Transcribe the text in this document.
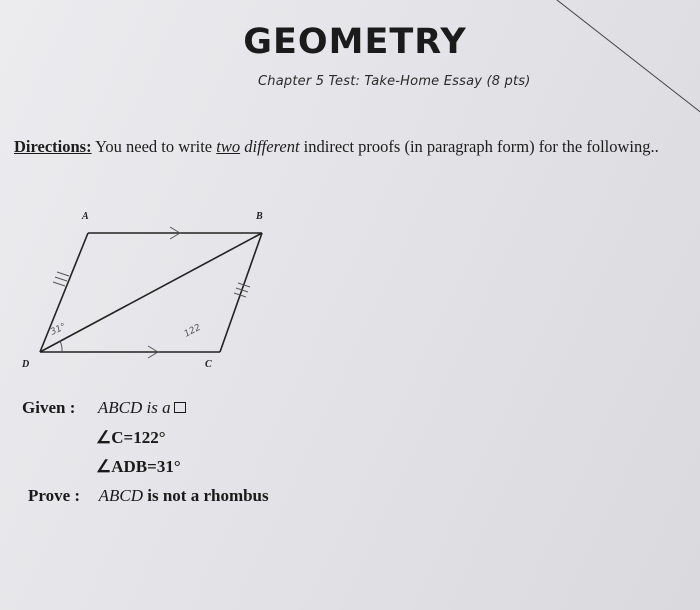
GEOMETRY
Chapter 5 Test: Take-Home Essay (8 pts)
Directions: You need to write two different indirect proofs (in paragraph form) for the following..
A	B
C
D
31°	122
Given : ABCD is a
∠C=122°
∠ADB=31°
Prove : ABCD is not a rhombus
